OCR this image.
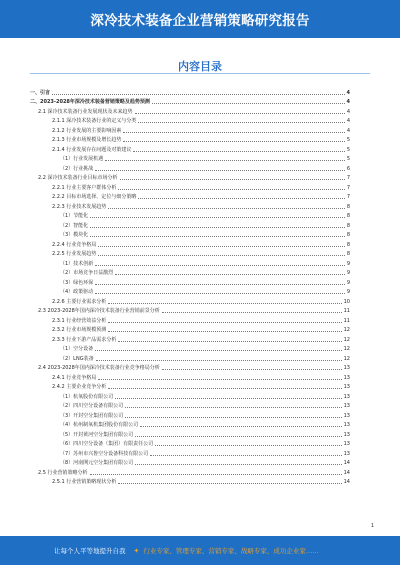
深冷技术装备企业营销策略研究报告
内容目录
一、引言	4
二、2023-2028年深冷技术装备营销策略及趋势预测	4
2.1 深冷技术装备行业发展现状及未来趋势	4
2.1.1 深冷技术装备行业的定义与分类	4
2.1.2 行业发展的主要影响因素	4
2.1.3 行业市场规模及增长趋势	5
2.1.4 行业发展存在问题及对策建议	5
（1）行业发展机遇	5
（2）行业挑战	6
2.2 深冷技术装备行业目标市场分析	7
2.2.1 行业主要客户群体分析	7
2.2.2 目标市场选择、定位与细分策略	7
2.2.3 行业技术发展趋势	8
（1）节能化	8
（2）智能化	8
（3）模块化	8
2.2.4 行业竞争格局	8
2.2.5 行业发展趋势	8
（1）技术创新	9
（2）市场竞争日益激烈	9
（3）绿色环保	9
（4）政策驱动	9
2.2.6 主要行业需求分析	10
2.3 2023-2028年国内深冷技术装备行业营销前景分析	11
2.3.1 行业经营效益分析	11
2.3.2 行业市场规模预测	12
2.3.3 行业下游产品需求分析	12
（1）空分设备	12
（2）LNG装备	12
2.4 2023-2028年国内深冷技术装备行业竞争格局分析	13
2.4.1 行业竞争格局	13
2.4.2 主要企业竞争分析	13
（1）杭氧股份有限公司	13
（2）四川空分设备有限公司	13
（3）开封空分集团有限公司	13
（4）杭州制氧机集团股份有限公司	13
（5）开封黄河空分集团有限公司	13
（6）四川空分设备（集团）有限责任公司	13
（7）苏州市兴鲁空分设备科技有限公司	13
（8）河南開元空分集团有限公司	14
2.5 行业营销策略分析	14
2.5.1 行业营销策略现状分析	14
1
让每个人平等地提升自我 ✦ 行业专家、管理专家、营销专家、战略专家、成功企业家……
